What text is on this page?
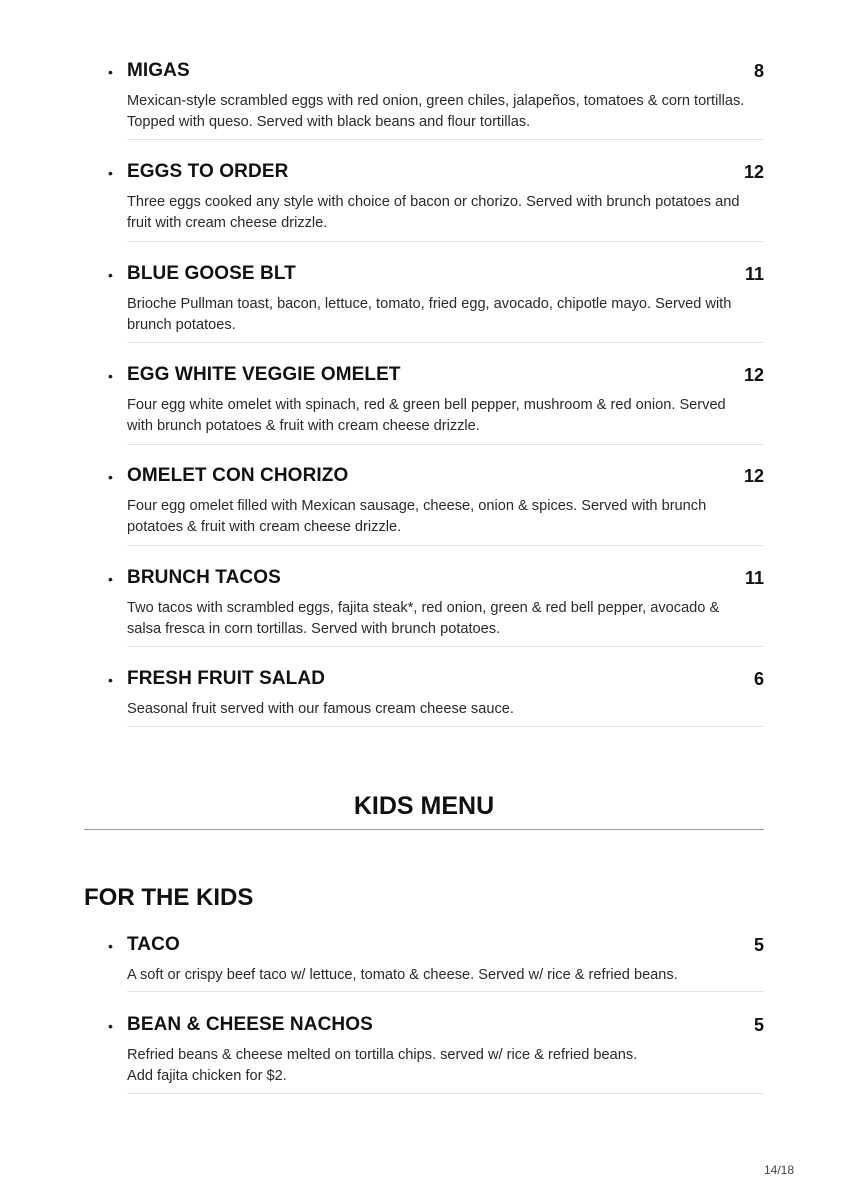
• MIGAS	8
Mexican-style scrambled eggs with red onion, green chiles, jalapeños, tomatoes & corn tortillas.
Topped with queso. Served with black beans and flour tortillas.
• EGGS TO ORDER	12
Three eggs cooked any style with choice of bacon or chorizo. Served with brunch potatoes and
fruit with cream cheese drizzle.
• BLUE GOOSE BLT	11
Brioche Pullman toast, bacon, lettuce, tomato, fried egg, avocado, chipotle mayo. Served with
brunch potatoes.
• EGG WHITE VEGGIE OMELET	12
Four egg white omelet with spinach, red & green bell pepper, mushroom & red onion. Served
with brunch potatoes & fruit with cream cheese drizzle.
• OMELET CON CHORIZO	12
Four egg omelet filled with Mexican sausage, cheese, onion & spices. Served with brunch
potatoes & fruit with cream cheese drizzle.
• BRUNCH TACOS	11
Two tacos with scrambled eggs, fajita steak*, red onion, green & red bell pepper, avocado &
salsa fresca in corn tortillas. Served with brunch potatoes.
• FRESH FRUIT SALAD	6
Seasonal fruit served with our famous cream cheese sauce.
KIDS MENU
FOR THE KIDS
• TACO	5
A soft or crispy beef taco w/ lettuce, tomato & cheese. Served w/ rice & refried beans.
• BEAN & CHEESE NACHOS	5
Refried beans & cheese melted on tortilla chips. served w/ rice & refried beans.
Add fajita chicken for $2.
14/18
